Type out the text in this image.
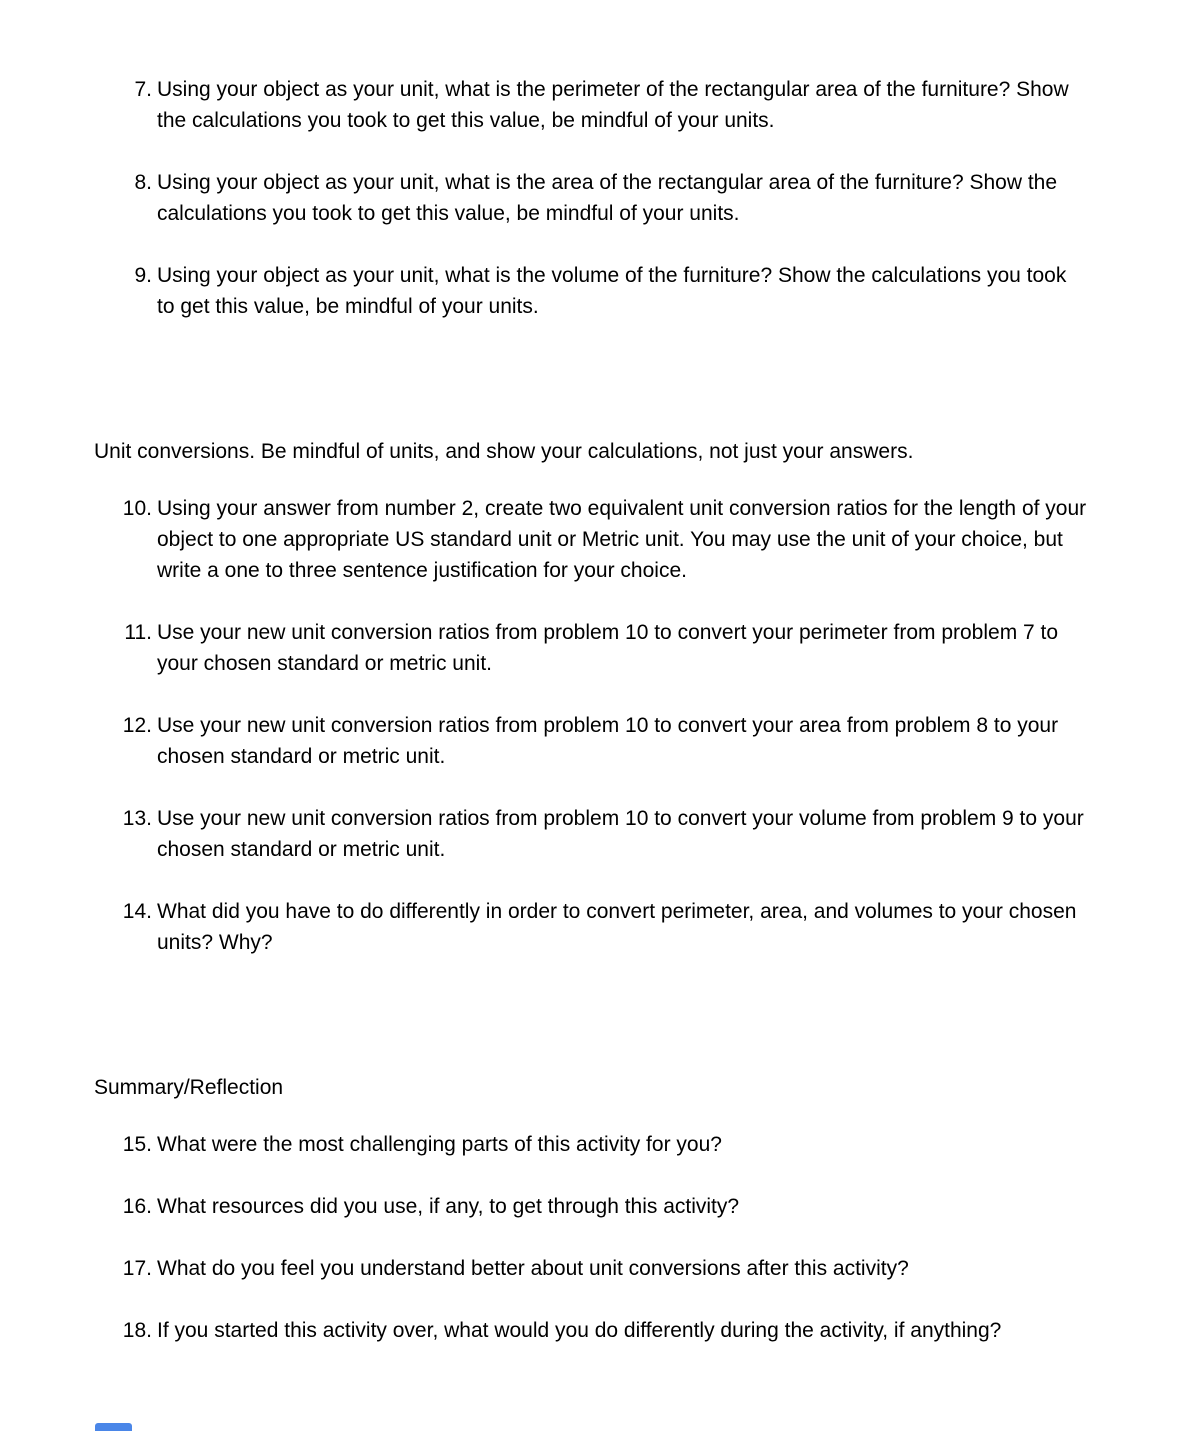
7. Using your object as your unit, what is the perimeter of the rectangular area of the furniture? Show the calculations you took to get this value, be mindful of your units.
8. Using your object as your unit, what is the area of the rectangular area of the furniture? Show the calculations you took to get this value, be mindful of your units.
9. Using your object as your unit, what is the volume of the furniture? Show the calculations you took to get this value, be mindful of your units.
Unit conversions. Be mindful of units, and show your calculations, not just your answers.
10. Using your answer from number 2, create two equivalent unit conversion ratios for the length of your object to one appropriate US standard unit or Metric unit. You may use the unit of your choice, but write a one to three sentence justification for your choice.
11. Use your new unit conversion ratios from problem 10 to convert your perimeter from problem 7 to your chosen standard or metric unit.
12. Use your new unit conversion ratios from problem 10 to convert your area from problem 8 to your chosen standard or metric unit.
13. Use your new unit conversion ratios from problem 10 to convert your volume from problem 9 to your chosen standard or metric unit.
14. What did you have to do differently in order to convert perimeter, area, and volumes to your chosen units? Why?
Summary/Reflection
15. What were the most challenging parts of this activity for you?
16. What resources did you use, if any, to get through this activity?
17. What do you feel you understand better about unit conversions after this activity?
18. If you started this activity over, what would you do differently during the activity, if anything?
